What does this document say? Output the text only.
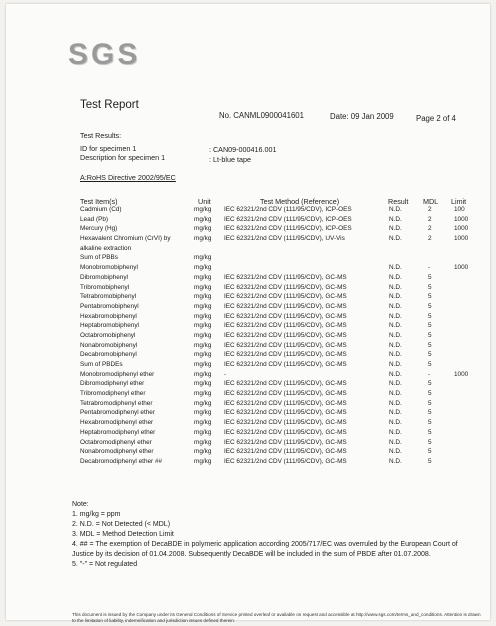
SGS
Test Report
No. CANML0900041601	Date: 09 Jan 2009	Page 2 of 4
Test Results:
ID for specimen 1	: CAN09-000416.001
Description for specimen 1	: Lt-blue tape
A:RoHS Directive 2002/95/EC
Test Item(s)	Unit	Test Method (Reference)	Result MDL Limit
Cadmium (Cd)	mg/kg IEC 62321/2nd CDV (111/95/CDV), ICP-OES	N.D.	2	100
Lead (Pb)	mg/kg IEC 62321/2nd CDV (111/95/CDV), ICP-OES	N.D.	2	1000
Mercury (Hg)	mg/kg IEC 62321/2nd CDV (111/95/CDV), ICP-OES	N.D.	2	1000
Hexavalent Chromium (CrVI) by	mg/kg IEC 62321/2nd CDV (111/95/CDV), UV-Vis	N.D.	2	1000
alkaline extraction
Sum of PBBs	mg/kg
Monobromobiphenyl	mg/kg	N.D.	-	1000
Dibromobiphenyl	mg/kg IEC 62321/2nd CDV (111/95/CDV), GC-MS	N.D.	5
Tribromobiphenyl	mg/kg IEC 62321/2nd CDV (111/95/CDV), GC-MS	N.D.	5
Tetrabromobiphenyl	mg/kg IEC 62321/2nd CDV (111/95/CDV), GC-MS	N.D.	5
Pentabromobiphenyl	mg/kg IEC 62321/2nd CDV (111/95/CDV), GC-MS	N.D.	5
Hexabromobiphenyl	mg/kg IEC 62321/2nd CDV (111/95/CDV), GC-MS	N.D.	5
Heptabromobiphenyl	mg/kg IEC 62321/2nd CDV (111/95/CDV), GC-MS	N.D.	5
Octabromobiphenyl	mg/kg IEC 62321/2nd CDV (111/95/CDV), GC-MS	N.D.	5
Nonabromobiphenyl	mg/kg IEC 62321/2nd CDV (111/95/CDV), GC-MS	N.D.	5
Decabromobiphenyl	mg/kg IEC 62321/2nd CDV (111/95/CDV), GC-MS	N.D.	5
Sum of PBDEs	mg/kg IEC 62321/2nd CDV (111/95/CDV), GC-MS	N.D.	5
Monobromodiphenyl ether	mg/kg -	N.D.	-	1000
Dibromodiphenyl ether	mg/kg IEC 62321/2nd CDV (111/95/CDV), GC-MS	N.D.	5
Tribromodiphenyl ether	mg/kg IEC 62321/2nd CDV (111/95/CDV), GC-MS	N.D.	5
Tetrabromodiphenyl ether	mg/kg IEC 62321/2nd CDV (111/95/CDV), GC-MS	N.D.	5
Pentabromodiphenyl ether	mg/kg IEC 62321/2nd CDV (111/95/CDV), GC-MS	N.D.	5
Hexabromodiphenyl ether	mg/kg IEC 62321/2nd CDV (111/95/CDV), GC-MS	N.D.	5
Heptabromodiphenyl ether	mg/kg IEC 62321/2nd CDV (111/95/CDV), GC-MS	N.D.	5
Octabromodiphenyl ether	mg/kg IEC 62321/2nd CDV (111/95/CDV), GC-MS	N.D.	5
Nonabromodiphenyl ether	mg/kg IEC 62321/2nd CDV (111/95/CDV), GC-MS	N.D.	5
Decabromodiphenyl ether ##	mg/kg IEC 62321/2nd CDV (111/95/CDV), GC-MS	N.D.	5
Note:
1. mg/kg = ppm
2. N.D. = Not Detected (< MDL)
3. MDL = Method Detection Limit
4. ## = The exemption of DecaBDE in polymeric application according 2005/717/EC was overruled by the European Court of Justice by its decision of 01.04.2008. Subsequently DecaBDE will be included in the sum of PBDE after 01.07.2008.
5. "-" = Not regulated
This document is issued by the Company under its General Conditions of Service printed overleaf or available on request and accessible at http://www.sgs.com/terms_and_conditions. Attention is drawn to the limitation of liability, indemnification and jurisdiction issues defined therein.
